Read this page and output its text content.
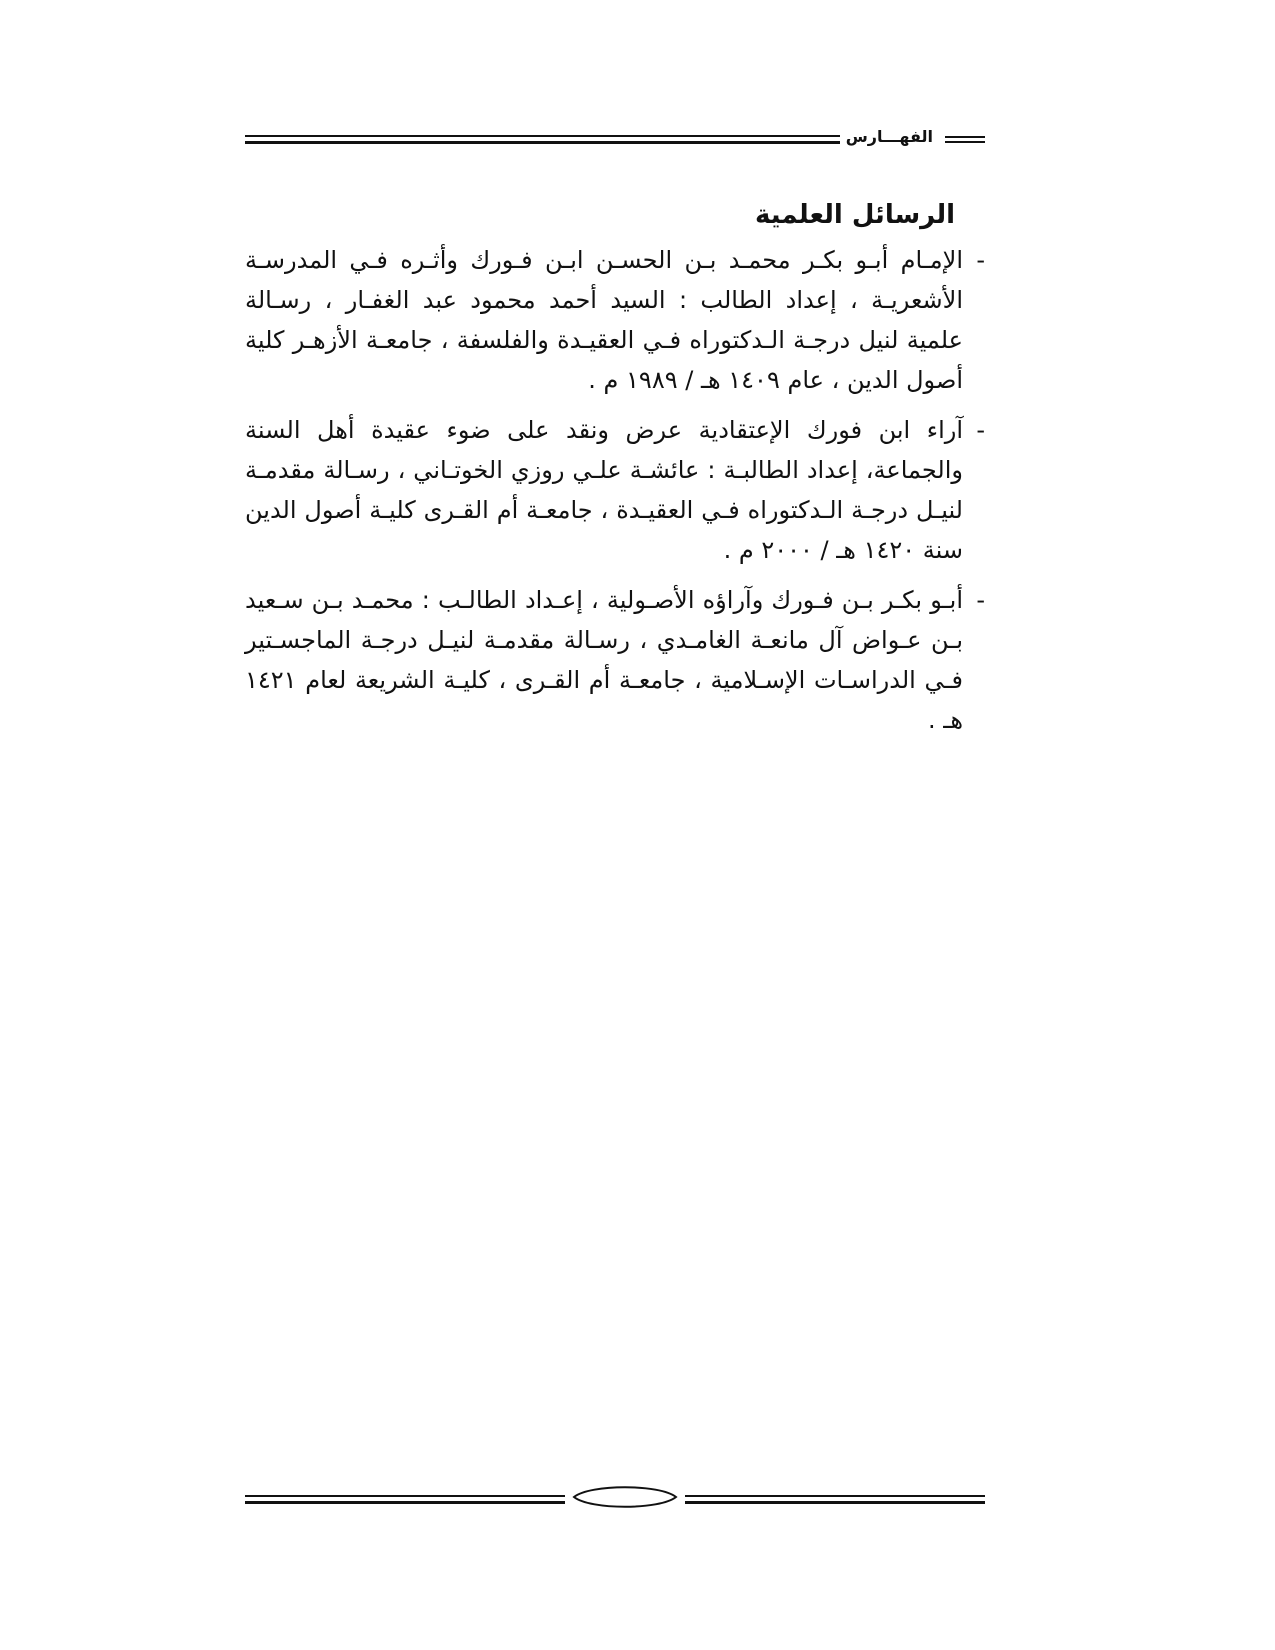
الفهـــارس
الرسائل العلمية
-
الإمـام أبـو بكـر محمـد بـن الحسـن ابـن فـورك وأثـره فـي المدرسـة الأشعريـة ، إعداد الطالب : السيد أحمد محمود عبد الغفـار ، رسـالة علمية لنيل درجـة الـدكتوراه فـي العقيـدة والفلسفة ، جامعـة الأزهـر كلية أصول الدين ، عام ١٤٠٩ هـ / ١٩٨٩ م .
-
آراء ابن فورك الإعتقادية عرض ونقد على ضوء عقيدة أهل السنة والجماعة، إعداد الطالبـة : عائشـة علـي روزي الخوتـاني ، رسـالة مقدمـة لنيـل درجـة الـدكتوراه فـي العقيـدة ، جامعـة أم القـرى كليـة أصول الدين سنة ١٤٢٠ هـ / ٢٠٠٠ م .
-
أبـو بكـر بـن فـورك وآراؤه الأصـولية ، إعـداد الطالـب : محمـد بـن سـعيد بـن عـواض آل مانعـة الغامـدي ، رسـالة مقدمـة لنيـل درجـة الماجسـتير فـي الدراسـات الإسـلامية ، جامعـة أم القـرى ، كليـة الشريعة لعام ١٤٢١ هـ .
